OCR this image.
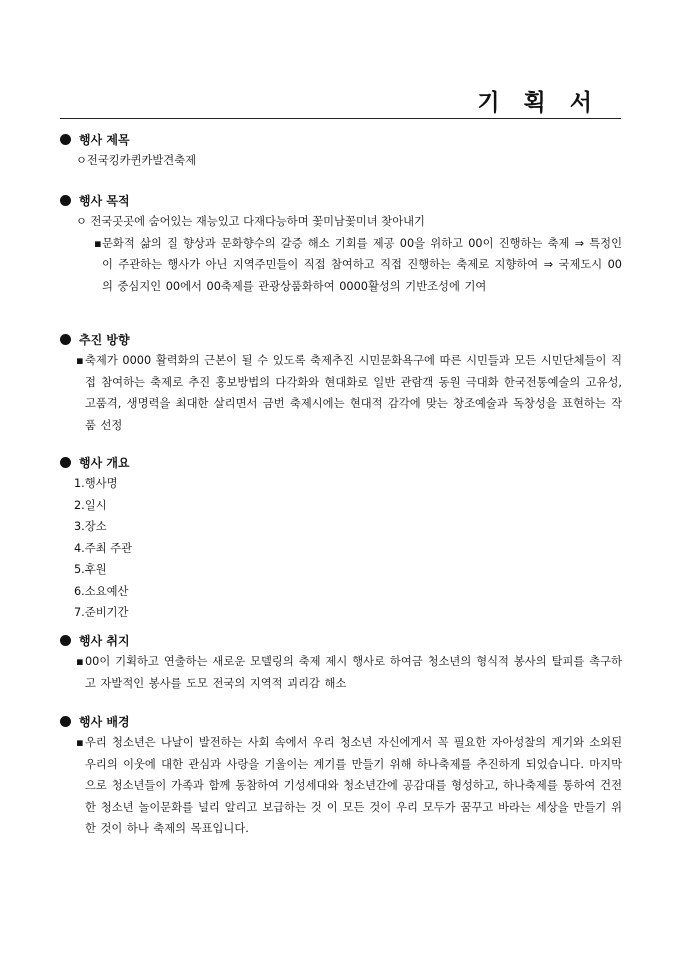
기 획 서
행사 제목
ㅇ전국킹카퀸카발견축제
행사 목적
ㅇ 전국곳곳에 숨어있는 재능있고 다재다능하며 꽃미남꽃미녀 찾아내기
▪ 문화적 삶의 질 향상과 문화향수의 갈증 해소 기회를 제공 00을 위하고 00이 진행하는 축제 ⇒ 특정인이 주관하는 행사가 아닌 지역주민들이 직접 참여하고 직접 진행하는 축제로 지향하여 ⇒ 국제도시 00의 중심지인 00에서 00축제를 관광상품화하여 0000활성의 기반조성에 기여
추진 방향
▪ 축제가 0000 활력화의 근본이 될 수 있도록 축제추진 시민문화욕구에 따른 시민들과 모든 시민단체들이 직접 참여하는 축제로 추진 홍보방법의 다각화와 현대화로 일반 관람객 동원 극대화 한국전통예술의 고유성, 고품격, 생명력을 최대한 살리면서 금번 축제시에는 현대적 감각에 맞는 창조예술과 독창성을 표현하는 작품 선정
행사 개요
1.행사명
2.일시
3.장소
4.주최 주관
5.후원
6.소요예산
7.준비기간
행사 취지
▪ 00이 기획하고 연출하는 새로운 모델링의 축제 제시 행사로 하여금 청소년의 형식적 봉사의 탈피를 촉구하고 자발적인 봉사를 도모 전국의 지역적 괴리감 해소
행사 배경
▪ 우리 청소년은 나날이 발전하는 사회 속에서 우리 청소년 자신에게서 꼭 필요한 자아성찰의 계기와 소외된 우리의 이웃에 대한 관심과 사랑을 기울이는 계기를 만들기 위해 하나축제를 추진하게 되었습니다. 마지막으로 청소년들이 가족과 함께 동참하여 기성세대와 청소년간에 공감대를 형성하고, 하나축제를 통하여 건전한 청소년 놀이문화를 널리 알리고 보급하는 것 이 모든 것이 우리 모두가 꿈꾸고 바라는 세상을 만들기 위한 것이 하나 축제의 목표입니다.
